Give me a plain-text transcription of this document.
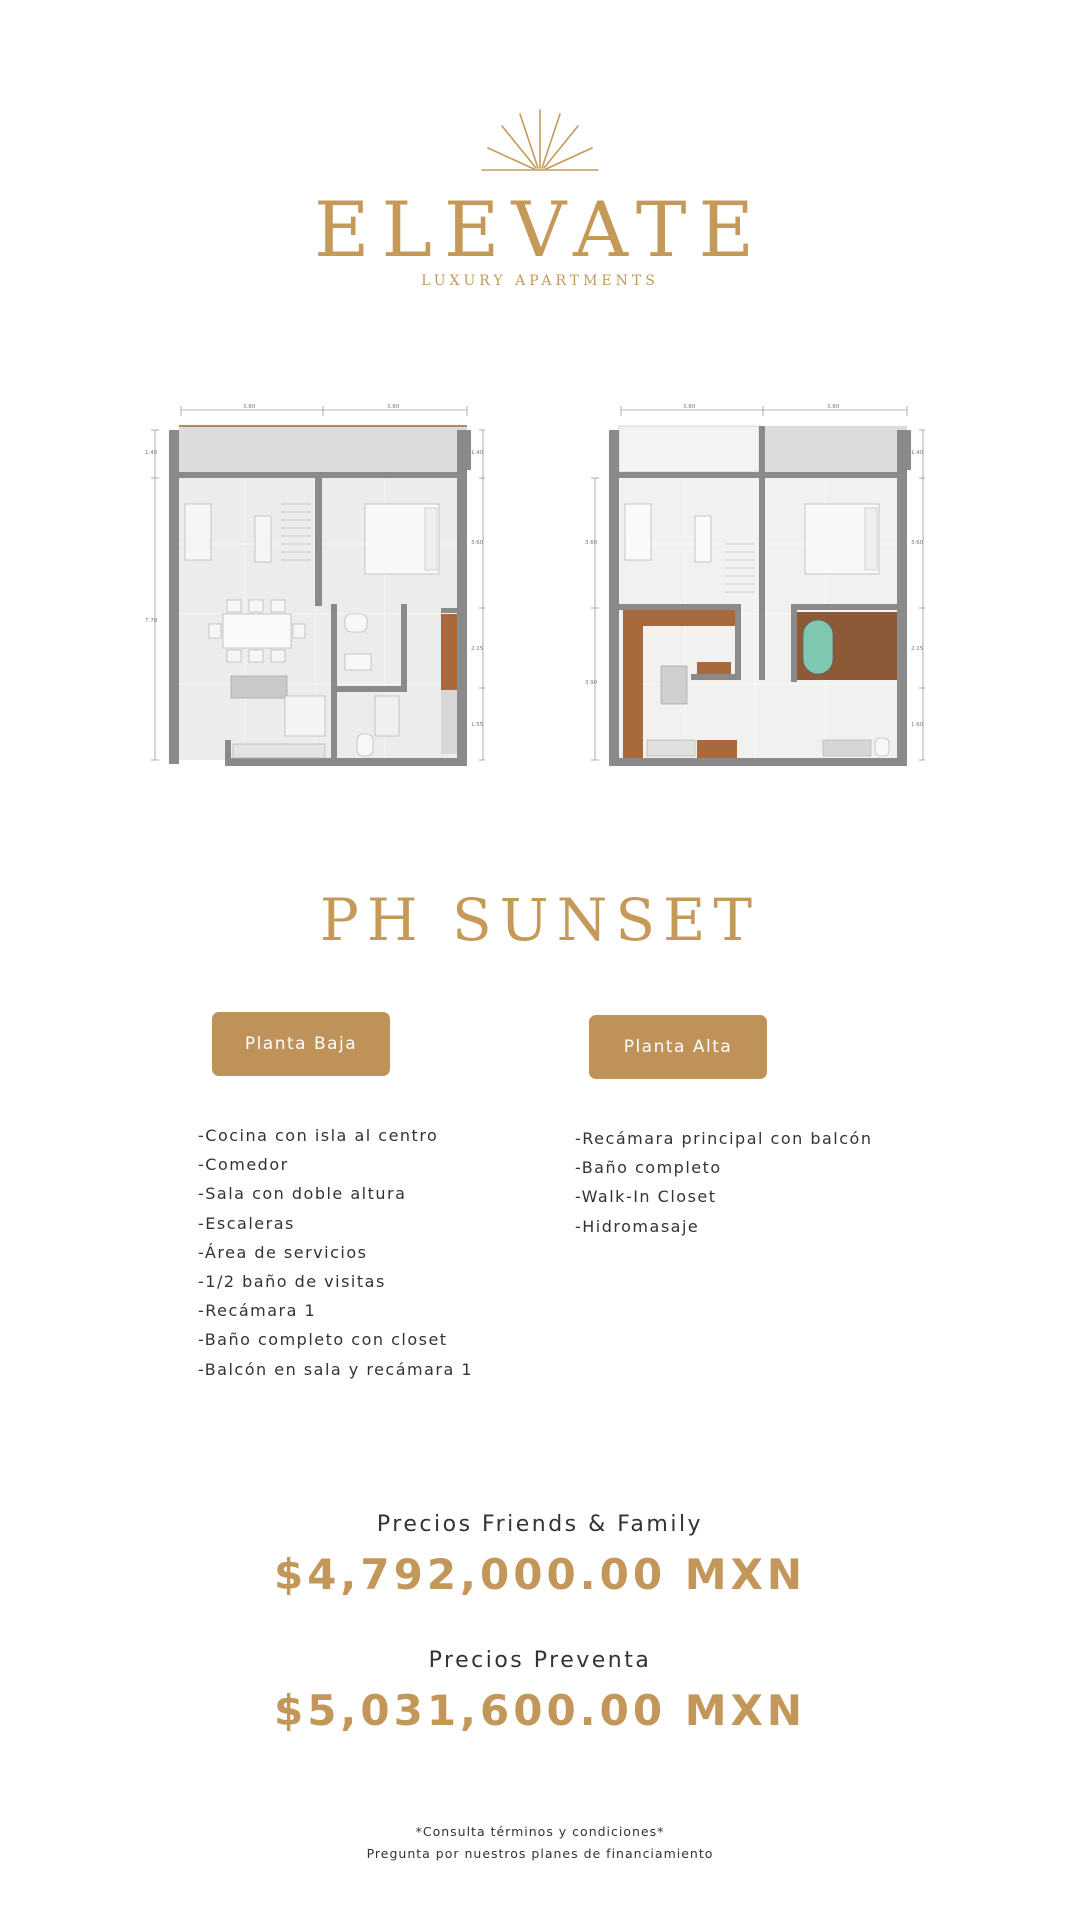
ELEVATE
LUXURY APARTMENTS
3.80	3.80
1.40
7.78
1.40
3.60
2.15
1.55
3.80	3.80
3.60
3.90
1.40
3.60
2.15
1.60
PH SUNSET
Planta Baja	Planta Alta
-Cocina con isla al centro
-Comedor
-Sala con doble altura
-Escaleras
-Área de servicios
-1/2 baño de visitas
-Recámara 1
-Baño completo con closet
-Balcón en sala y recámara 1
-Recámara principal con balcón
-Baño completo
-Walk-In Closet
-Hidromasaje
Precios Friends & Family
$4,792,000.00 MXN
Precios Preventa
$5,031,600.00 MXN
*Consulta términos y condiciones*
Pregunta por nuestros planes de financiamiento
